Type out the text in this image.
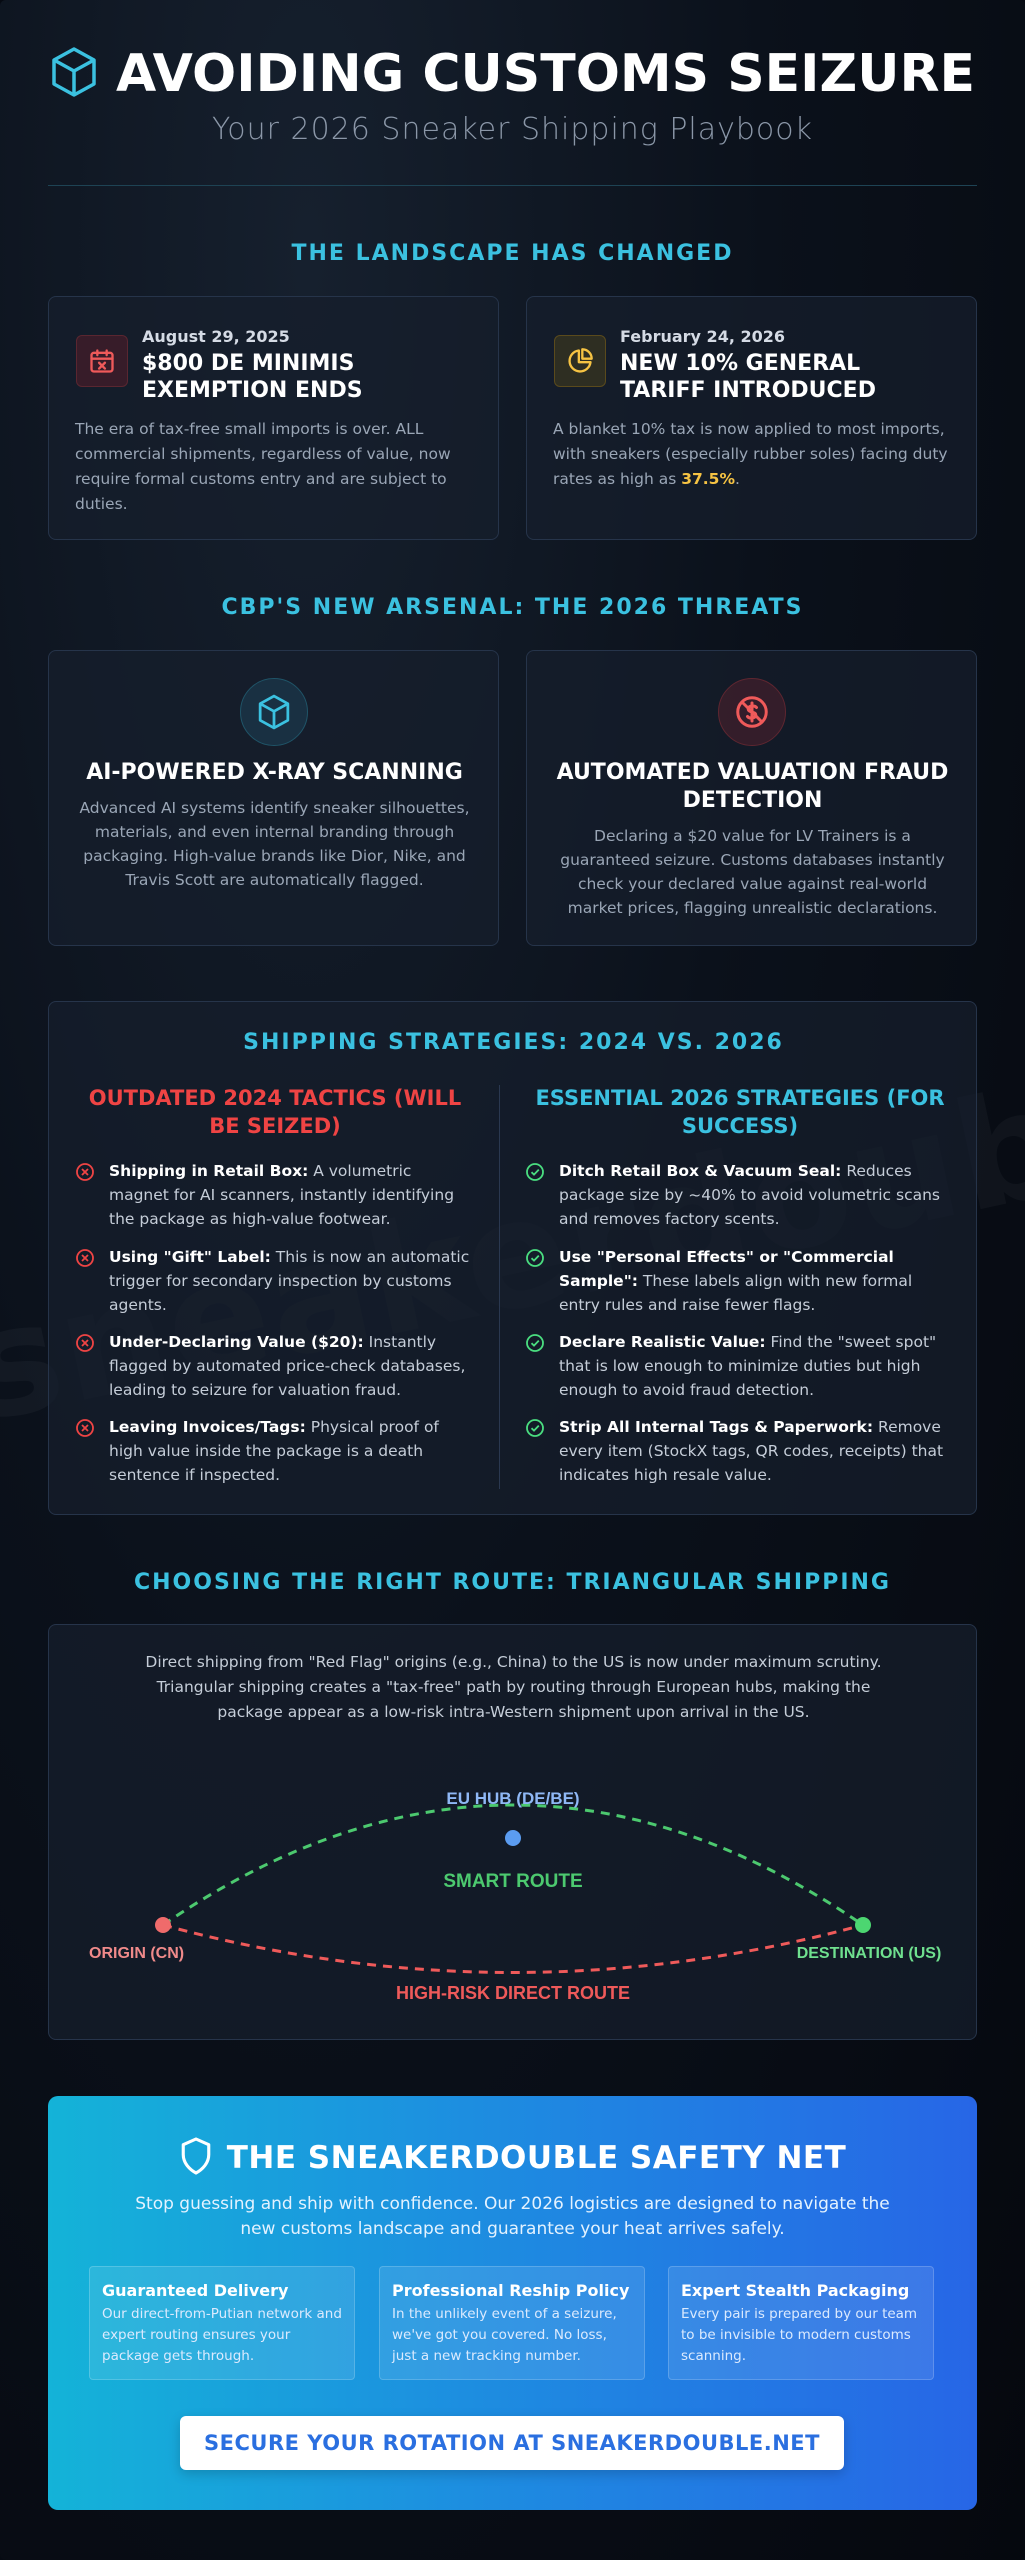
AVOIDING CUSTOMS SEIZURE
Your 2026 Sneaker Shipping Playbook
THE LANDSCAPE HAS CHANGED
August 29, 2025
$800 DE MINIMIS EXEMPTION ENDS
The era of tax-free small imports is over. ALL commercial shipments, regardless of value, now require formal customs entry and are subject to duties.
February 24, 2026
NEW 10% GENERAL TARIFF INTRODUCED
A blanket 10% tax is now applied to most imports, with sneakers (especially rubber soles) facing duty rates as high as 37.5%.
CBP'S NEW ARSENAL: THE 2026 THREATS
AI-POWERED X-RAY SCANNING
Advanced AI systems identify sneaker silhouettes, materials, and even internal branding through packaging. High-value brands like Dior, Nike, and Travis Scott are automatically flagged.
AUTOMATED VALUATION FRAUD DETECTION
Declaring a $20 value for LV Trainers is a guaranteed seizure. Customs databases instantly check your declared value against real-world market prices, flagging unrealistic declarations.
SHIPPING STRATEGIES: 2024 VS. 2026
OUTDATED 2024 TACTICS (WILL BE SEIZED)
ESSENTIAL 2026 STRATEGIES (FOR SUCCESS)
Shipping in Retail Box: A volumetric magnet for AI scanners, instantly identifying the package as high-value footwear.
Using "Gift" Label: This is now an automatic trigger for secondary inspection by customs agents.
Under-Declaring Value ($20): Instantly flagged by automated price-check databases, leading to seizure for valuation fraud.
Leaving Invoices/Tags: Physical proof of high value inside the package is a death sentence if inspected.
Ditch Retail Box & Vacuum Seal: Reduces package size by ~40% to avoid volumetric scans and removes factory scents.
Use "Personal Effects" or "Commercial Sample": These labels align with new formal entry rules and raise fewer flags.
Declare Realistic Value: Find the "sweet spot" that is low enough to minimize duties but high enough to avoid fraud detection.
Strip All Internal Tags & Paperwork: Remove every item (StockX tags, QR codes, receipts) that indicates high resale value.
CHOOSING THE RIGHT ROUTE: TRIANGULAR SHIPPING
Direct shipping from "Red Flag" origins (e.g., China) to the US is now under maximum scrutiny. Triangular shipping creates a "tax-free" path by routing through European hubs, making the package appear as a low-risk intra-Western shipment upon arrival in the US.
EU HUB (DE/BE)
SMART ROUTE
ORIGIN (CN)	DESTINATION (US)
HIGH-RISK DIRECT ROUTE
THE SNEAKERDOUBLE SAFETY NET
Stop guessing and ship with confidence. Our 2026 logistics are designed to navigate the new customs landscape and guarantee your heat arrives safely.
Guaranteed Delivery
Our direct-from-Putian network and expert routing ensures your package gets through.
Professional Reship Policy
In the unlikely event of a seizure, we've got you covered. No loss, just a new tracking number.
Expert Stealth Packaging
Every pair is prepared by our team to be invisible to modern customs scanning.
SECURE YOUR ROTATION AT SNEAKERDOUBLE.NET
